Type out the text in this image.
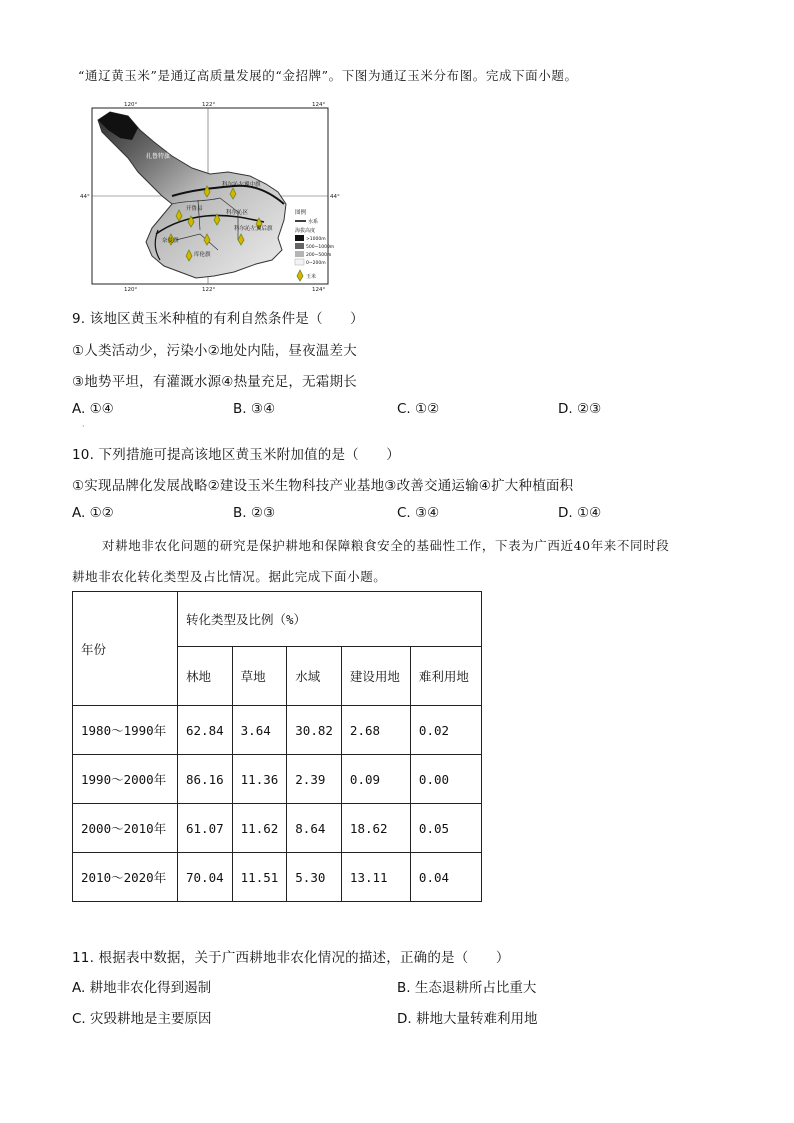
“通辽黄玉米”是通辽高质量发展的“金招牌”。下图为通辽玉米分布图。完成下面小题。
120°	122°	124°
120°	122°	124°
44°	44°
扎鲁特旗
科尔沁左翼中旗
开鲁县
科尔沁区
奈曼旗
科尔沁左翼后旗
库伦旗
图例
水系
海拔高度
>1000m
500~1000m
200~500m
0~200m
玉米
9. 该地区黄玉米种植的有利自然条件是（　　）
①人类活动少，污染小②地处内陆，昼夜温差大
③地势平坦，有灌溉水源④热量充足，无霜期长
A. ①④	B. ③④	C. ①②	D. ②③
·
10. 下列措施可提高该地区黄玉米附加值的是（　　）
①实现品牌化发展战略②建设玉米生物科技产业基地③改善交通运输④扩大种植面积
A. ①②	B. ②③	C. ③④	D. ①④
对耕地非农化问题的研究是保护耕地和保障粮食安全的基础性工作，下表为广西近40年来不同时段
耕地非农化转化类型及占比情况。据此完成下面小题。
年份	转化类型及比例（%）				
	林地	草地	水域	建设用地	难利用地
1980～1990年	62.84	3.64	30.82	2.68	0.02
1990～2000年	86.16	11.36	2.39	0.09	0.00
2000～2010年	61.07	11.62	8.64	18.62	0.05
2010～2020年	70.04	11.51	5.30	13.11	0.04
11. 根据表中数据，关于广西耕地非农化情况的描述，正确的是（　　）
A. 耕地非农化得到遏制	B. 生态退耕所占比重大
C. 灾毁耕地是主要原因	D. 耕地大量转难利用地
